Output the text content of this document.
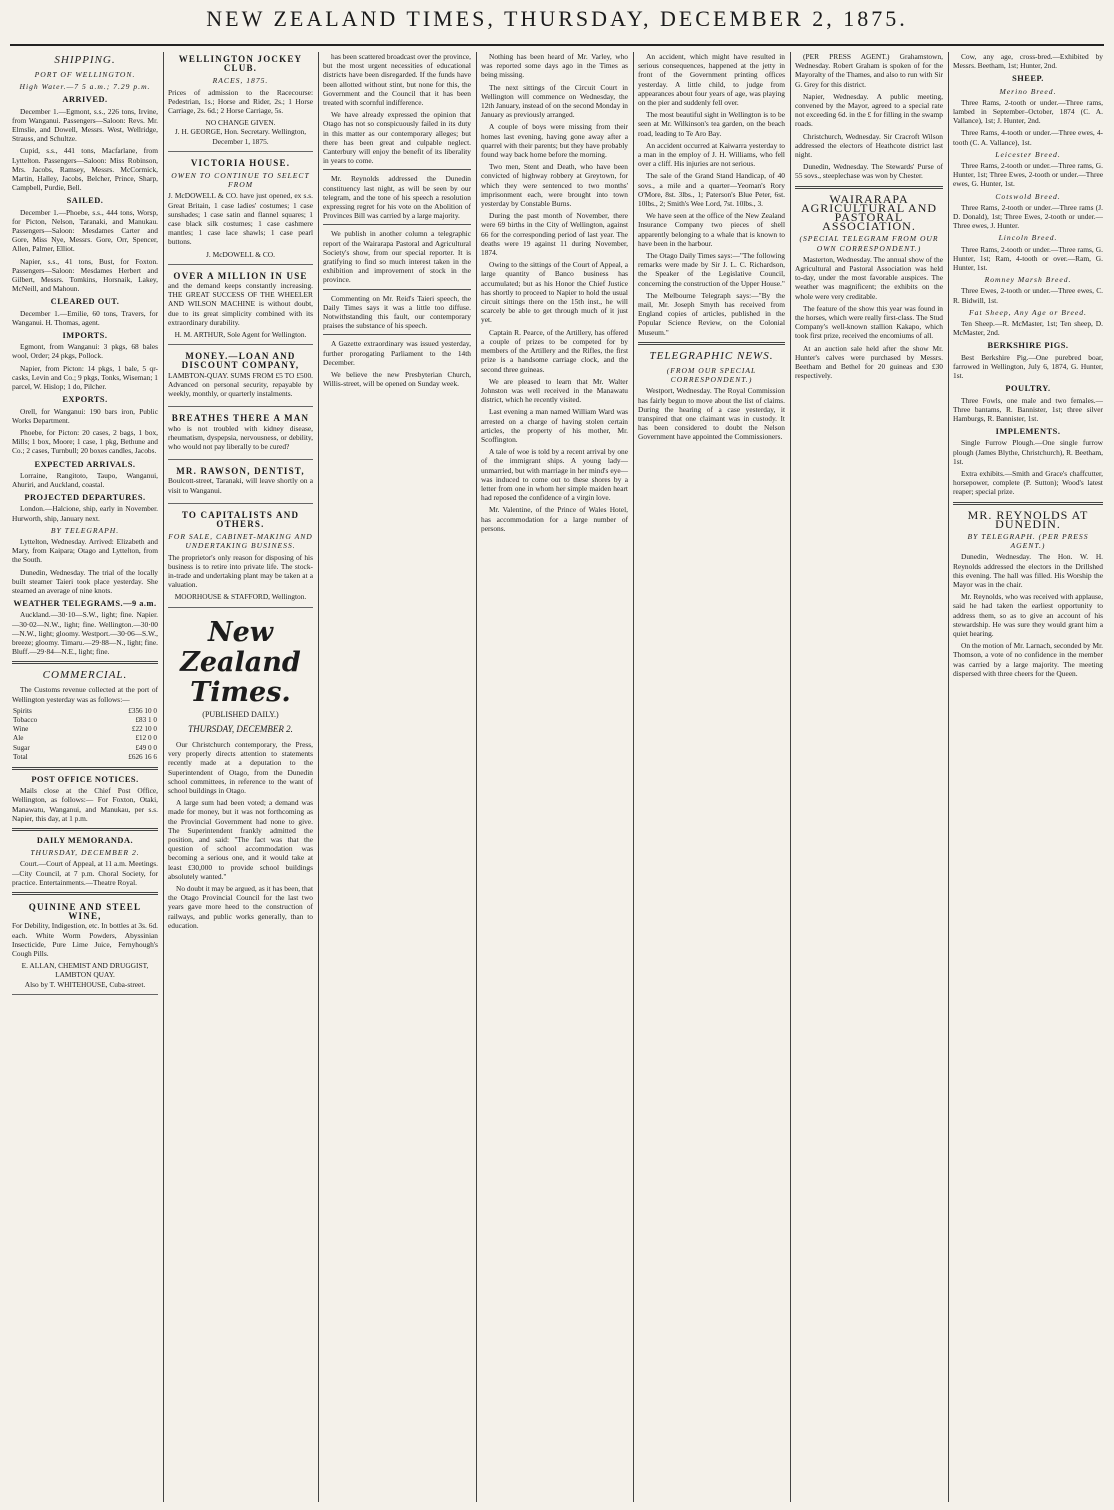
NEW ZEALAND TIMES, THURSDAY, DECEMBER 2, 1875.
SHIPPING.
PORT OF WELLINGTON.
High Water.—7 5 a.m.; 7.29 p.m.
ARRIVED.

December 1.—Egmont, s.s., 226 tons, Irvine, from Wanganui. Passengers—Saloon: Revs. Mr. Elmslie, and Dowell, Messrs. West, Wellridge, Strauss, and Schultze.

Cupid, s.s., 441 tons, Macfarlane, from Lyttelton. Passengers—Saloon: Miss Robinson, Mrs. Jacobs, Ramsey, Messrs. McCormick, Martin, Halley, Jacobs, Belcher, Prince, Sharp, Campbell, Purdie, Bell.

SAILED.

December 1.—Phoebe, s.s., 444 tons, Worsp, for Picton, Nelson, Taranaki, and Manukau. Passengers—Saloon: Mesdames Carter and Gore, Miss Nye, Messrs. Gore, Orr, Spencer, Allen, Palmer, Elliot.

Napier, s.s., 41 tons, Bust, for Foxton. Passengers—Saloon: Mesdames Herbert and Gilbert, Messrs. Tomkins, Horsnaik, Lakey, McNeill, and Mahoun.

CLEARED OUT.

December 1.—Emilie, 60 tons, Travers, for Wanganui. H. Thomas, agent.

IMPORTS.

Egmont, from Wanganui: 3 pkgs, 68 bales wool, Order; 24 pkgs, Pollock.

Napier, from Picton: 14 pkgs, 1 bale, 5 qr-casks, Levin and Co.; 9 pkgs, Tonks, Wiseman; 1 parcel, W. Hislop; 1 do, Pilcher.

EXPORTS.

Orell, for Wanganui: 190 bars iron, Public Works Department.

Phoebe, for Picton: 20 cases, 2 bags, 1 box, Mills; 1 box, Moore; 1 case, 1 pkg, Bethune and Co.; 2 cases, Turnbull; 20 boxes candles, Jacobs.

EXPECTED ARRIVALS.

Lorraine, Rangitoto, Taupo, Wanganui, Ahuriri, and Auckland, coastal.

PROJECTED DEPARTURES.

London.—Halcione, ship, early in November. Hurworth, ship, January next.

BY TELEGRAPH.

Lyttelton, Wednesday. Arrived: Elizabeth and Mary, from Kaipara; Otago and Lyttelton, from the South.

Dunedin, Wednesday. The trial of the locally built steamer Taieri took place yesterday. She steamed an average of nine knots.

WEATHER TELEGRAMS.—9 a.m.

Auckland.—30·10—S.W., light; fine. Napier.—30·02—N.W., light; fine. Wellington.—30·00—N.W., light; gloomy. Westport.—30·06—S.W., breeze; gloomy. Timaru.—29·88—N., light; fine. Bluff.—29·84—N.E., light; fine.

COMMERCIAL.

The Customs revenue collected at the port of Wellington yesterday was as follows:—

Spirits	£356 10 0
Tobacco	£83 1 0
Wine	£22 10 0
Ale	£12 0 0
Sugar	£49 0 0
Total	£626 16 6
POST OFFICE NOTICES.

Mails close at the Chief Post Office, Wellington, as follows:— For Foxton, Otaki, Manawatu, Wanganui, and Manukau, per s.s. Napier, this day, at 1 p.m.

DAILY MEMORANDA.
THURSDAY, DECEMBER 2.

Court.—Court of Appeal, at 11 a.m. Meetings.—City Council, at 7 p.m. Choral Society, for practice. Entertainments.—Theatre Royal.

QUININE AND STEEL WINE,

For Debility, Indigestion, etc. In bottles at 3s. 6d. each. White Worm Powders, Abyssinian Insecticide, Pure Lime Juice, Fernyhough's Cough Pills.

E. ALLAN, CHEMIST AND DRUGGIST, LAMBTON QUAY.
Also by T. WHITEHOUSE, Cuba-street.
WELLINGTON JOCKEY CLUB.
RACES, 1875.

Prices of admission to the Racecourse: Pedestrian, 1s.; Horse and Rider, 2s.; 1 Horse Carriage, 2s. 6d.; 2 Horse Carriage, 5s.

NO CHANGE GIVEN.
J. H. GEORGE, Hon. Secretary. Wellington, December 1, 1875.
VICTORIA HOUSE.
OWEN TO CONTINUE TO SELECT FROM

J. McDOWELL & CO. have just opened, ex s.s. Great Britain, 1 case ladies' costumes; 1 case sunshades; 1 case satin and flannel squares; 1 case black silk costumes; 1 case cashmere mantles; 1 case lace shawls; 1 case pearl buttons.

J. McDOWELL & CO.
OVER A MILLION IN USE

and the demand keeps constantly increasing. THE GREAT SUCCESS OF THE WHEELER AND WILSON MACHINE is without doubt, due to its great simplicity combined with its extraordinary durability.

H. M. ARTHUR, Sole Agent for Wellington.
MONEY.—LOAN AND DISCOUNT COMPANY,

LAMBTON-QUAY. SUMS FROM £5 TO £500. Advanced on personal security, repayable by weekly, monthly, or quarterly instalments.

BREATHES THERE A MAN

who is not troubled with kidney disease, rheumatism, dyspepsia, nervousness, or debility, who would not pay liberally to be cured?

MR. RAWSON, DENTIST,

Boulcott-street, Taranaki, will leave shortly on a visit to Wanganui.

TO CAPITALISTS AND OTHERS.
FOR SALE, CABINET-MAKING AND UNDERTAKING BUSINESS.

The proprietor's only reason for disposing of his business is to retire into private life. The stock-in-trade and undertaking plant may be taken at a valuation.

MOORHOUSE & STAFFORD, Wellington.
New Zealand Times.
(PUBLISHED DAILY.)
THURSDAY, DECEMBER 2.

Our Christchurch contemporary, the Press, very properly directs attention to statements recently made at a deputation to the Superintendent of Otago, from the Dunedin school committees, in reference to the want of school buildings in Otago.

A large sum had been voted; a demand was made for money, but it was not forthcoming as the Provincial Government had none to give. The Superintendent frankly admitted the position, and said: "The fact was that the question of school accommodation was becoming a serious one, and it would take at least £30,000 to provide school buildings absolutely wanted."

No doubt it may be argued, as it has been, that the Otago Provincial Council for the last two years gave more heed to the construction of railways, and public works generally, than to education.

has been scattered broadcast over the province, but the most urgent necessities of educational districts have been disregarded. If the funds have been allotted without stint, but none for this, the Government and the Council that it has been treated with scornful indifference.

We have already expressed the opinion that Otago has not so conspicuously failed in its duty in this matter as our contemporary alleges; but there has been great and culpable neglect. Canterbury will enjoy the benefit of its liberality in years to come.

Mr. Reynolds addressed the Dunedin constituency last night, as will be seen by our telegram, and the tone of his speech a resolution expressing regret for his vote on the Abolition of Provinces Bill was carried by a large majority.

We publish in another column a telegraphic report of the Wairarapa Pastoral and Agricultural Society's show, from our special reporter. It is gratifying to find so much interest taken in the exhibition and improvement of stock in the province.

Commenting on Mr. Reid's Taieri speech, the Daily Times says it was a little too diffuse. Notwithstanding this fault, our contemporary praises the substance of his speech.

A Gazette extraordinary was issued yesterday, further prorogating Parliament to the 14th December.

We believe the new Presbyterian Church, Willis-street, will be opened on Sunday week.

Nothing has been heard of Mr. Varley, who was reported some days ago in the Times as being missing.

The next sittings of the Circuit Court in Wellington will commence on Wednesday, the 12th January, instead of on the second Monday in January as previously arranged.

A couple of boys were missing from their homes last evening, having gone away after a quarrel with their parents; but they have probably found way back home before the morning.

Two men, Stent and Death, who have been convicted of highway robbery at Greytown, for which they were sentenced to two months' imprisonment each, were brought into town yesterday by Constable Burns.

During the past month of November, there were 69 births in the City of Wellington, against 66 for the corresponding period of last year. The deaths were 19 against 11 during November, 1874.

Owing to the sittings of the Court of Appeal, a large quantity of Banco business has accumulated; but as his Honor the Chief Justice has shortly to proceed to Napier to hold the usual circuit sittings there on the 15th inst., he will scarcely be able to get through much of it just yet.

Captain R. Pearce, of the Artillery, has offered a couple of prizes to be competed for by members of the Artillery and the Rifles, the first prize is a handsome carriage clock, and the second three guineas.

We are pleased to learn that Mr. Walter Johnston was well received in the Manawatu district, which he recently visited.

Last evening a man named William Ward was arrested on a charge of having stolen certain articles, the property of his mother, Mr. Scoffington.

A tale of woe is told by a recent arrival by one of the immigrant ships. A young lady—unmarried, but with marriage in her mind's eye—was induced to come out to these shores by a letter from one in whom her simple maiden heart had reposed the confidence of a virgin love.

Mr. Valentine, of the Prince of Wales Hotel, has accommodation for a large number of persons.

An accident, which might have resulted in serious consequences, happened at the jetty in front of the Government printing offices yesterday. A little child, to judge from appearances about four years of age, was playing on the pier and suddenly fell over.

The most beautiful sight in Wellington is to be seen at Mr. Wilkinson's tea garden, on the beach road, leading to Te Aro Bay.

An accident occurred at Kaiwarra yesterday to a man in the employ of J. H. Williams, who fell over a cliff. His injuries are not serious.

The sale of the Grand Stand Handicap, of 40 sovs., a mile and a quarter—Yeoman's Rory O'More, 8st. 3lbs., 1; Paterson's Blue Peter, 6st. 10lbs., 2; Smith's Wee Lord, 7st. 10lbs., 3.

We have seen at the office of the New Zealand Insurance Company two pieces of shell apparently belonging to a whale that is known to have been in the harbour.

The Otago Daily Times says:—"The following remarks were made by Sir J. L. C. Richardson, the Speaker of the Legislative Council, concerning the construction of the Upper House."

The Melbourne Telegraph says:—"By the mail, Mr. Joseph Smyth has received from England copies of articles, published in the Popular Science Review, on the Colonial Museum."

TELEGRAPHIC NEWS.
(FROM OUR SPECIAL CORRESPONDENT.)

Westport, Wednesday. The Royal Commission has fairly begun to move about the list of claims. During the hearing of a case yesterday, it transpired that one claimant was in custody. It has been considered to doubt the Nelson Government have appointed the Commissioners.

(PER PRESS AGENT.) Grahamstown, Wednesday. Robert Graham is spoken of for the Mayoralty of the Thames, and also to run with Sir G. Grey for this district.

Napier, Wednesday. A public meeting, convened by the Mayor, agreed to a special rate not exceeding 6d. in the £ for filling in the swamp roads.

Christchurch, Wednesday. Sir Cracroft Wilson addressed the electors of Heathcote district last night.

Dunedin, Wednesday. The Stewards' Purse of 55 sovs., steeplechase was won by Chester.

WAIRARAPA AGRICULTURAL AND PASTORAL ASSOCIATION.
(SPECIAL TELEGRAM FROM OUR OWN CORRESPONDENT.)

Masterton, Wednesday. The annual show of the Agricultural and Pastoral Association was held to-day, under the most favorable auspices. The weather was magnificent; the exhibits on the whole were very creditable.

The feature of the show this year was found in the horses, which were really first-class. The Stud Company's well-known stallion Kakapo, which took first prize, received the encomiums of all.

At an auction sale held after the show Mr. Hunter's calves were purchased by Messrs. Beetham and Bethel for 20 guineas and £30 respectively.

Cow, any age, cross-bred.—Exhibited by Messrs. Beetham, 1st; Hunter, 2nd.

SHEEP.
Merino Breed.

Three Rams, 2-tooth or under.—Three rams, lambed in September–October, 1874 (C. A. Vallance), 1st; J. Hunter, 2nd.

Three Rams, 4-tooth or under.—Three ewes, 4-tooth (C. A. Vallance), 1st.

Leicester Breed.

Three Rams, 2-tooth or under.—Three rams, G. Hunter, 1st; Three Ewes, 2-tooth or under.—Three ewes, G. Hunter, 1st.

Cotswold Breed.

Three Rams, 2-tooth or under.—Three rams (J. D. Donald), 1st; Three Ewes, 2-tooth or under.—Three ewes, J. Hunter.

Lincoln Breed.

Three Rams, 2-tooth or under.—Three rams, G. Hunter, 1st; Ram, 4-tooth or over.—Ram, G. Hunter, 1st.

Romney Marsh Breed.

Three Ewes, 2-tooth or under.—Three ewes, C. R. Bidwill, 1st.

Fat Sheep, Any Age or Breed.

Ten Sheep.—R. McMaster, 1st; Ten sheep, D. McMaster, 2nd.

BERKSHIRE PIGS.

Best Berkshire Pig.—One purebred boar, farrowed in Wellington, July 6, 1874, G. Hunter, 1st.

POULTRY.

Three Fowls, one male and two females.—Three bantams, R. Bannister, 1st; three silver Hamburgs, R. Bannister, 1st.

IMPLEMENTS.

Single Furrow Plough.—One single furrow plough (James Blythe, Christchurch), R. Beetham, 1st.

Extra exhibits.—Smith and Grace's chaffcutter, horsepower, complete (P. Sutton); Wood's latest reaper; special prize.

MR. REYNOLDS AT DUNEDIN.
BY TELEGRAPH. (PER PRESS AGENT.)

Dunedin, Wednesday. The Hon. W. H. Reynolds addressed the electors in the Drillshed this evening. The hall was filled. His Worship the Mayor was in the chair.

Mr. Reynolds, who was received with applause, said he had taken the earliest opportunity to address them, so as to give an account of his stewardship. He was sure they would grant him a quiet hearing.

On the motion of Mr. Larnach, seconded by Mr. Thomson, a vote of no confidence in the member was carried by a large majority. The meeting dispersed with three cheers for the Queen.
